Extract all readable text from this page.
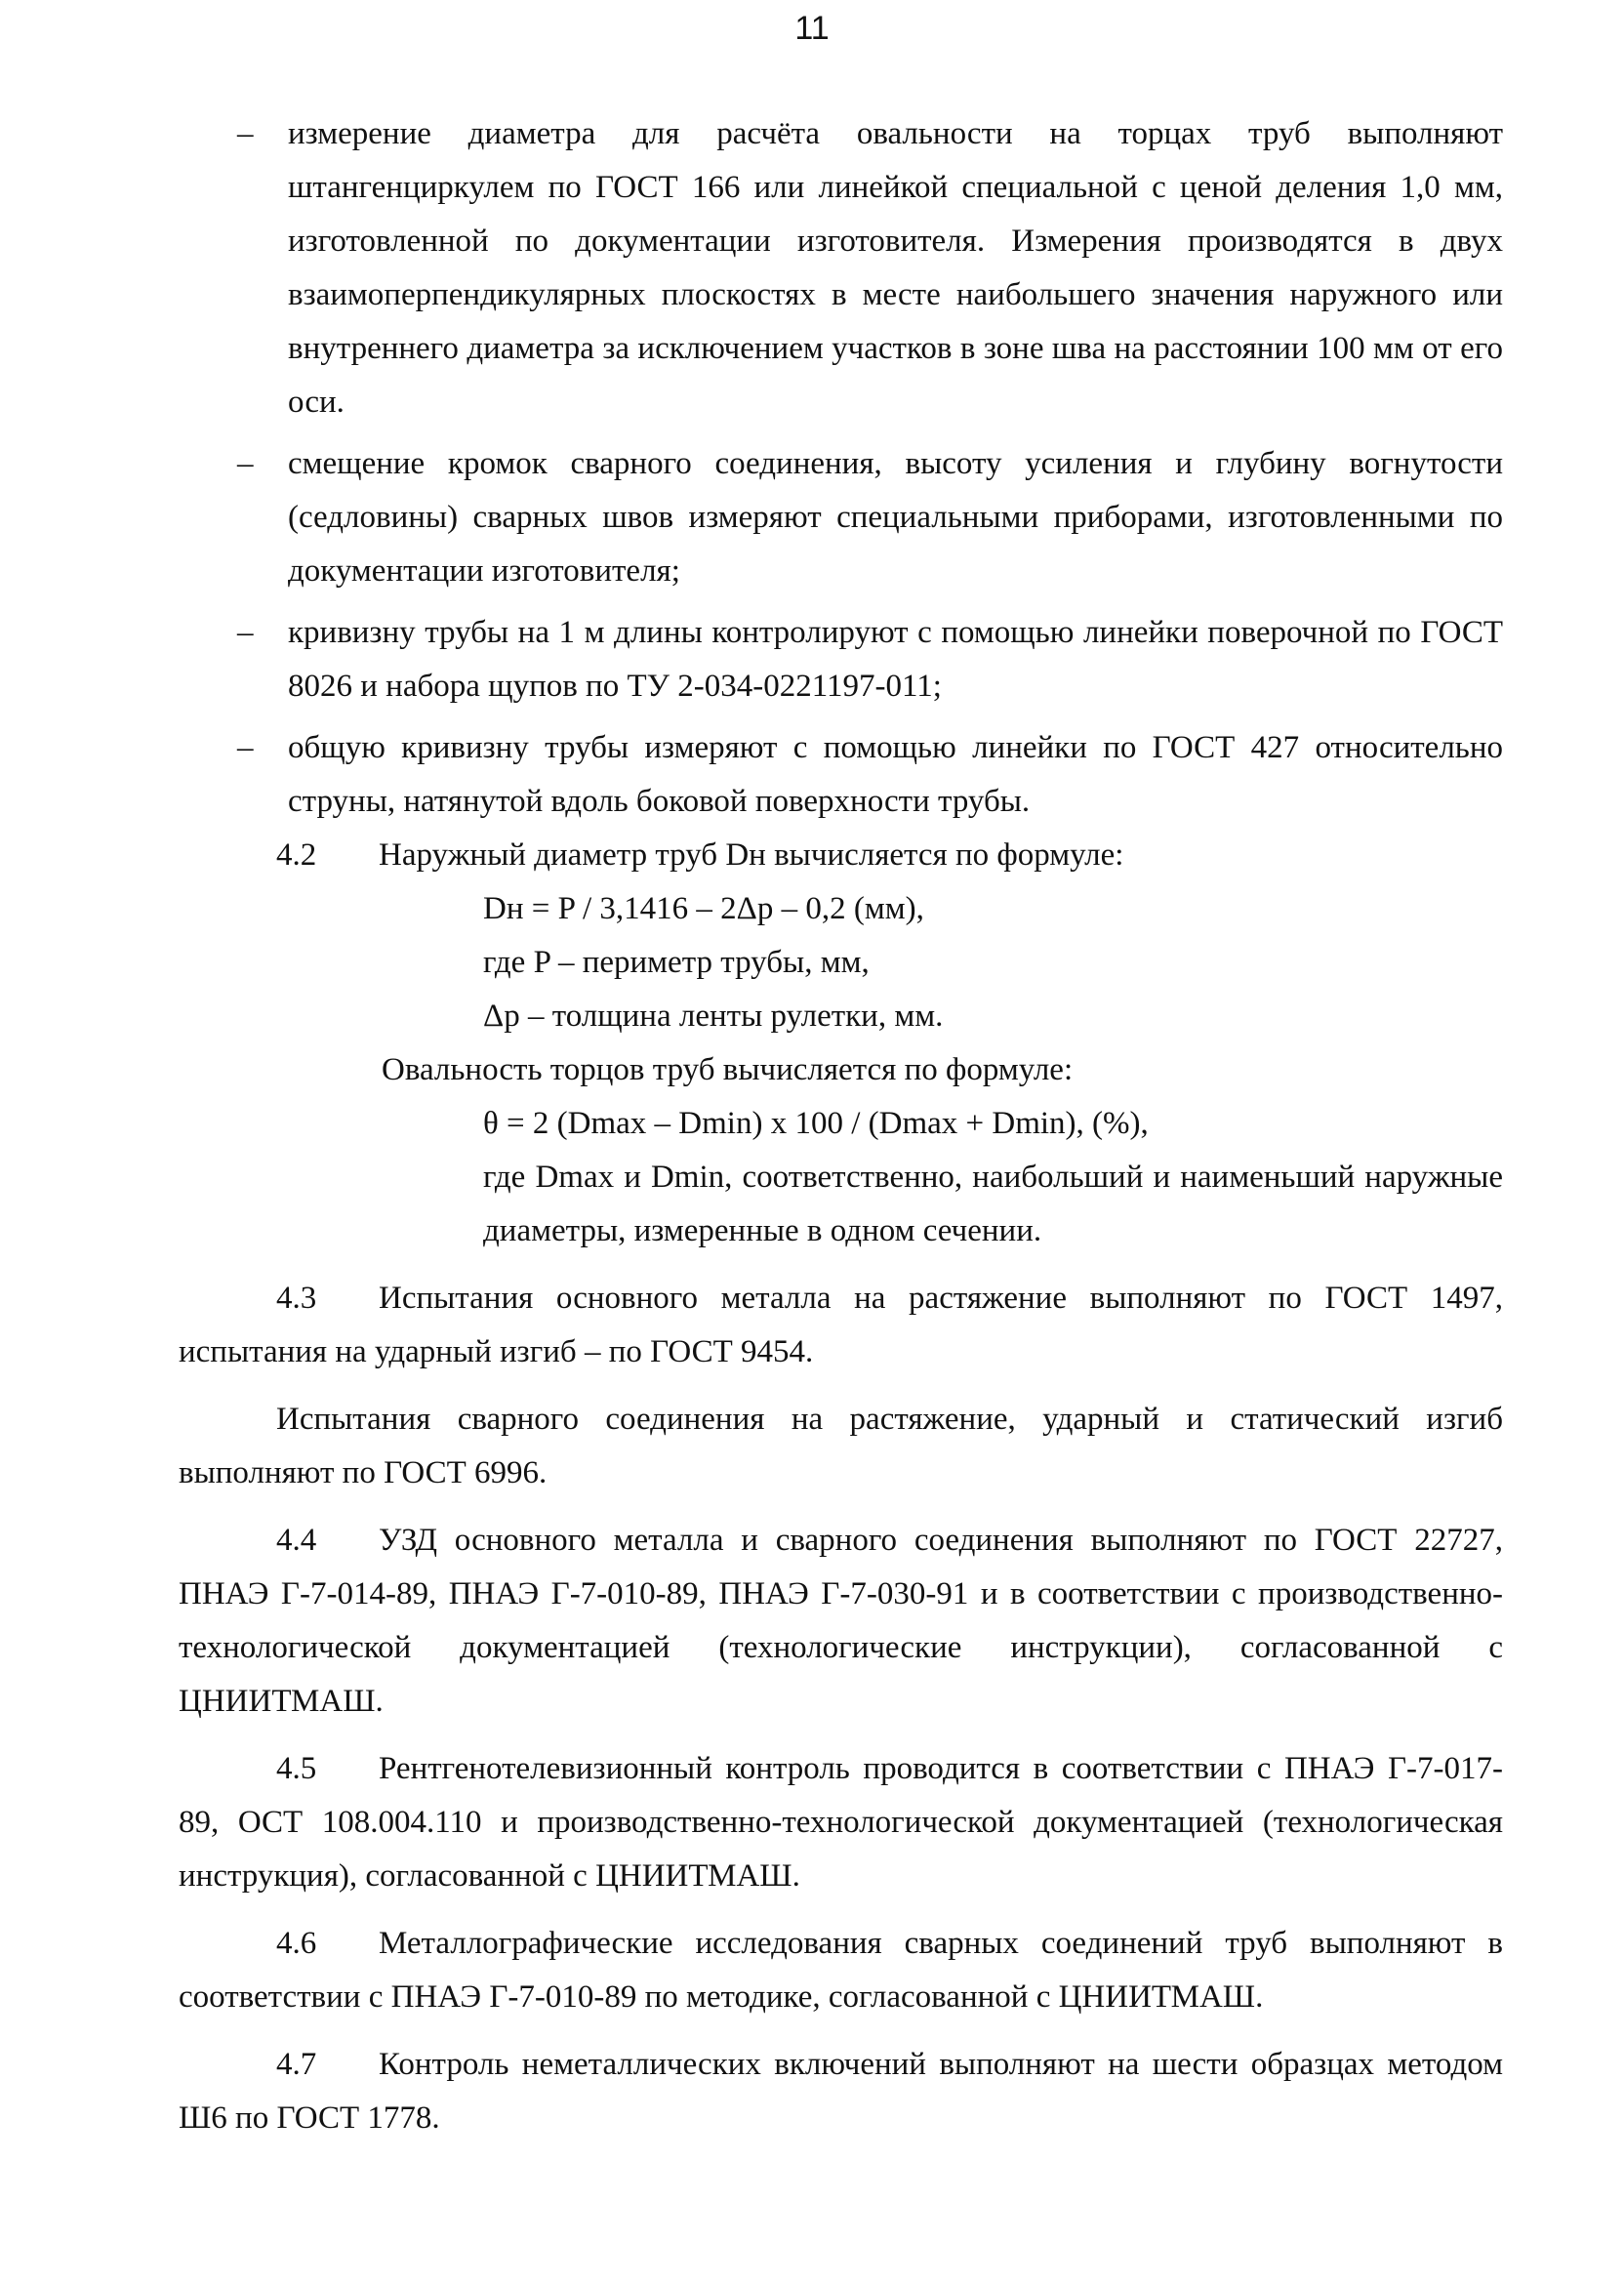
11
– измерение диаметра для расчёта овальности на торцах труб выполняют штангенциркулем по ГОСТ 166 или линейкой специальной с ценой деления 1,0 мм, изготовленной по документации изготовителя. Измерения производятся в двух взаимоперпендикулярных плоскостях в месте наибольшего значения наружного или внутреннего диаметра за исключением участков в зоне шва на расстоянии 100 мм от его оси.
– смещение кромок сварного соединения, высоту усиления и глубину вогнутости (седловины) сварных швов измеряют специальными приборами, изготовленными по документации изготовителя;
– кривизну трубы на 1 м длины контролируют с помощью линейки поверочной по ГОСТ 8026 и набора щупов по ТУ 2-034-0221197-011;
– общую кривизну трубы измеряют с помощью линейки по ГОСТ 427 относительно струны, натянутой вдоль боковой поверхности трубы.
4.2 Наружный диаметр труб Dн вычисляется по формуле:
Dн = P / 3,1416 – 2Δp – 0,2 (мм),
где P – периметр трубы, мм,
Δp – толщина ленты рулетки, мм.
Овальность торцов труб вычисляется по формуле:
θ = 2 (Dmax – Dmin) x 100 / (Dmax + Dmin), (%),
где Dmax и Dmin, соответственно, наибольший и наименьший наружные диаметры, измеренные в одном сечении.
4.3 Испытания основного металла на растяжение выполняют по ГОСТ 1497, испытания на ударный изгиб – по ГОСТ 9454.
Испытания сварного соединения на растяжение, ударный и статический изгиб выполняют по ГОСТ 6996.
4.4 УЗД основного металла и сварного соединения выполняют по ГОСТ 22727, ПНАЭ Г-7-014-89, ПНАЭ Г-7-010-89, ПНАЭ Г-7-030-91 и в соответствии с производственно-технологической документацией (технологические инструкции), согласованной с ЦНИИТМАШ.
4.5 Рентгенотелевизионный контроль проводится в соответствии с ПНАЭ Г-7-017-89, ОСТ 108.004.110 и производственно-технологической документацией (технологическая инструкция), согласованной с ЦНИИТМАШ.
4.6 Металлографические исследования сварных соединений труб выполняют в соответствии с ПНАЭ Г-7-010-89 по методике, согласованной с ЦНИИТМАШ.
4.7 Контроль неметаллических включений выполняют на шести образцах методом Ш6 по ГОСТ 1778.
